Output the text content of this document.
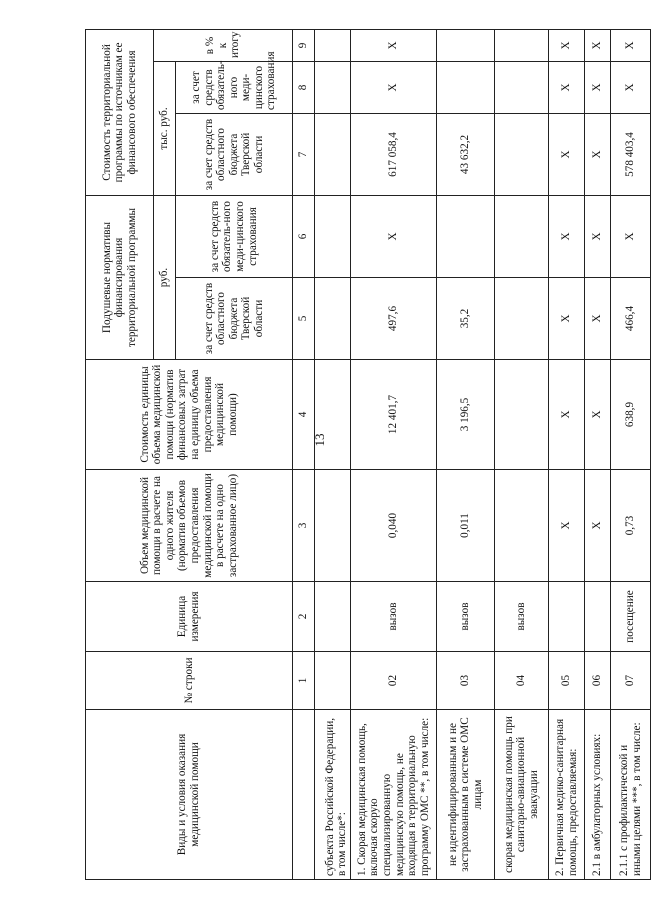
13
Виды и условия оказания медицинской помощи	№ строки	Единица измерения	Объем медицинской помощи в расчете на одного жителя (норматив объемов предоставления медицинской помощи в расчете на одно застрахованное лицо)	Стоимость единицы объема медицинской помощи (норматив финансовых затрат на единицу объема предоставления медицинской помощи)	Подушевые нормативы финансирования территориальной программы		Стоимость территориальной программы по источникам ее финансового обеспечения		
					руб.		тыс. руб.		в % к итогу
					за счет средств областного бюджета Тверской области	за счет средств обязатель-ного меди-цинского страхования	за счет средств областного бюджета Тверской области	за счет средств обязатель-ного меди-цинского страхования	
	1	2	3	4	5	6	7	8	9
субъекта Российской Федерации, в том числе*:									
1. Скорая медицинская помощь, включая скорую специализированную медицинскую помощь, не входящая в территориальную программу ОМС **, в том числе:	02	вызов	0,040	12 401,7	497,6	X	617 058,4	X	X
не идентифицированным и не застрахованным в системе ОМС лицам	03	вызов	0,011	3 196,5	35,2		43 632,2		
скорая медицинская помощь при санитарно-авиационной эвакуации	04	вызов							
2. Первичная медико-санитарная помощь, предоставляемая:	05		X	X	X	X	X	X	X
2.1 в амбулаторных условиях:	06		X	X	X	X	X	X	X
2.1.1 с профилактической и иными целями ***, в том числе:	07	посещение	0,73	638,9	466,4	X	578 403,4	X	X
